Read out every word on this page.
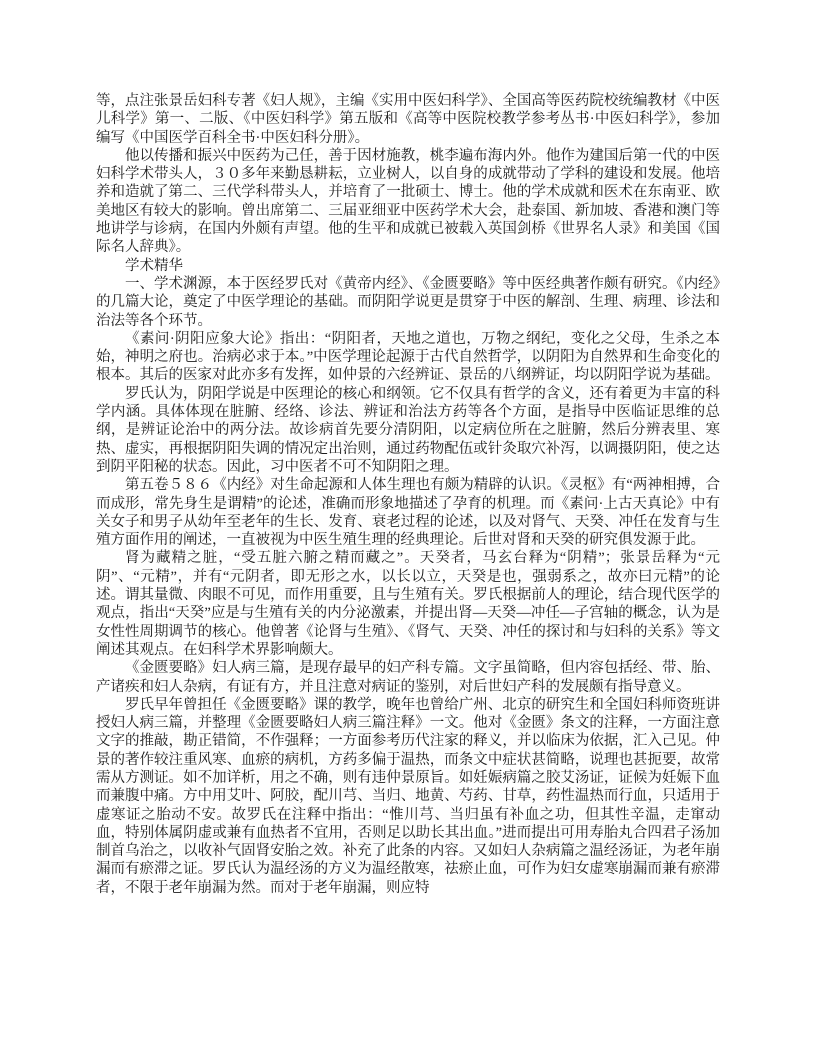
等，点注张景岳妇科专著《妇人规》，主编《实用中医妇科学》、全国高等医药院校统编教材《中医儿科学》第一、二版、《中医妇科学》第五版和《高等中医院校教学参考丛书·中医妇科学》，参加编写《中国医学百科全书·中医妇科分册》。

他以传播和振兴中医药为己任，善于因材施教，桃李遍布海内外。他作为建国后第一代的中医妇科学术带头人，３０多年来勤恳耕耘，立业树人，以自身的成就带动了学科的建设和发展。他培养和造就了第二、三代学科带头人，并培育了一批硕士、博士。他的学术成就和医术在东南亚、欧美地区有较大的影响。曾出席第二、三届亚细亚中医药学术大会，赴泰国、新加坡、香港和澳门等地讲学与诊病，在国内外颇有声望。他的生平和成就已被载入英国剑桥《世界名人录》和美国《国际名人辞典》。

学术精华

一、学术渊源，本于医经罗氏对《黄帝内经》、《金匮要略》等中医经典著作颇有研究。《内经》的几篇大论，奠定了中医学理论的基础。而阴阳学说更是贯穿于中医的解剖、生理、病理、诊法和治法等各个环节。

《素问·阴阳应象大论》指出：“阴阳者，天地之道也，万物之纲纪，变化之父母，生杀之本始，神明之府也。治病必求于本。”中医学理论起源于古代自然哲学，以阴阳为自然界和生命变化的根本。其后的医家对此亦多有发挥，如仲景的六经辨证、景岳的八纲辨证，均以阴阳学说为基础。

罗氏认为，阴阳学说是中医理论的核心和纲领。它不仅具有哲学的含义，还有着更为丰富的科学内涵。具体体现在脏腑、经络、诊法、辨证和治法方药等各个方面，是指导中医临证思维的总纲，是辨证论治中的两分法。故诊病首先要分清阴阳，以定病位所在之脏腑，然后分辨表里、寒热、虚实，再根据阴阳失调的情况定出治则，通过药物配伍或针灸取穴补泻，以调摄阴阳，使之达到阴平阳秘的状态。因此，习中医者不可不知阴阳之理。

第五卷５８６《内经》对生命起源和人体生理也有颇为精辟的认识。《灵枢》有“两神相搏，合而成形，常先身生是谓精”的论述，准确而形象地描述了孕育的机理。而《素问·上古天真论》中有关女子和男子从幼年至老年的生长、发育、衰老过程的论述，以及对肾气、天癸、冲任在发育与生殖方面作用的阐述，一直被视为中医生殖生理的经典理论。后世对肾和天癸的研究俱发源于此。

肾为藏精之脏，“受五脏六腑之精而藏之”。天癸者，马玄台释为“阴精”；张景岳释为“元阴”、“元精”，并有“元阴者，即无形之水，以长以立，天癸是也，强弱系之，故亦曰元精”的论述。谓其量微、肉眼不可见，而作用重要，且与生殖有关。罗氏根据前人的理论，结合现代医学的观点，指出“天癸”应是与生殖有关的内分泌激素，并提出肾—天癸—冲任—子宫轴的概念，认为是女性性周期调节的核心。他曾著《论肾与生殖》、《肾气、天癸、冲任的探讨和与妇科的关系》等文阐述其观点。在妇科学术界影响颇大。

《金匮要略》妇人病三篇，是现存最早的妇产科专篇。文字虽简略，但内容包括经、带、胎、产诸疾和妇人杂病，有证有方，并且注意对病证的鉴别，对后世妇产科的发展颇有指导意义。

罗氏早年曾担任《金匮要略》课的教学，晚年也曾给广州、北京的研究生和全国妇科师资班讲授妇人病三篇，并整理《金匮要略妇人病三篇注释》一文。他对《金匮》条文的注释，一方面注意文字的推敲，勘正错简，不作强释；一方面参考历代注家的释义，并以临床为依据，汇入己见。仲景的著作较注重风寒、血瘀的病机，方药多偏于温热，而条文中症状甚简略，说理也甚扼要，故常需从方测证。如不加详析，用之不确，则有违仲景原旨。如妊娠病篇之胶艾汤证，证候为妊娠下血而兼腹中痛。方中用艾叶、阿胶，配川芎、当归、地黄、芍药、甘草，药性温热而行血，只适用于虚寒证之胎动不安。故罗氏在注释中指出：“惟川芎、当归虽有补血之功，但其性辛温，走窜动血，特别体属阴虚或兼有血热者不宜用，否则足以助长其出血。”进而提出可用寿胎丸合四君子汤加制首乌治之，以收补气固肾安胎之效。补充了此条的内容。又如妇人杂病篇之温经汤证，为老年崩漏而有瘀滞之证。罗氏认为温经汤的方义为温经散寒，祛瘀止血，可作为妇女虚寒崩漏而兼有瘀滞者，不限于老年崩漏为然。而对于老年崩漏，则应特
